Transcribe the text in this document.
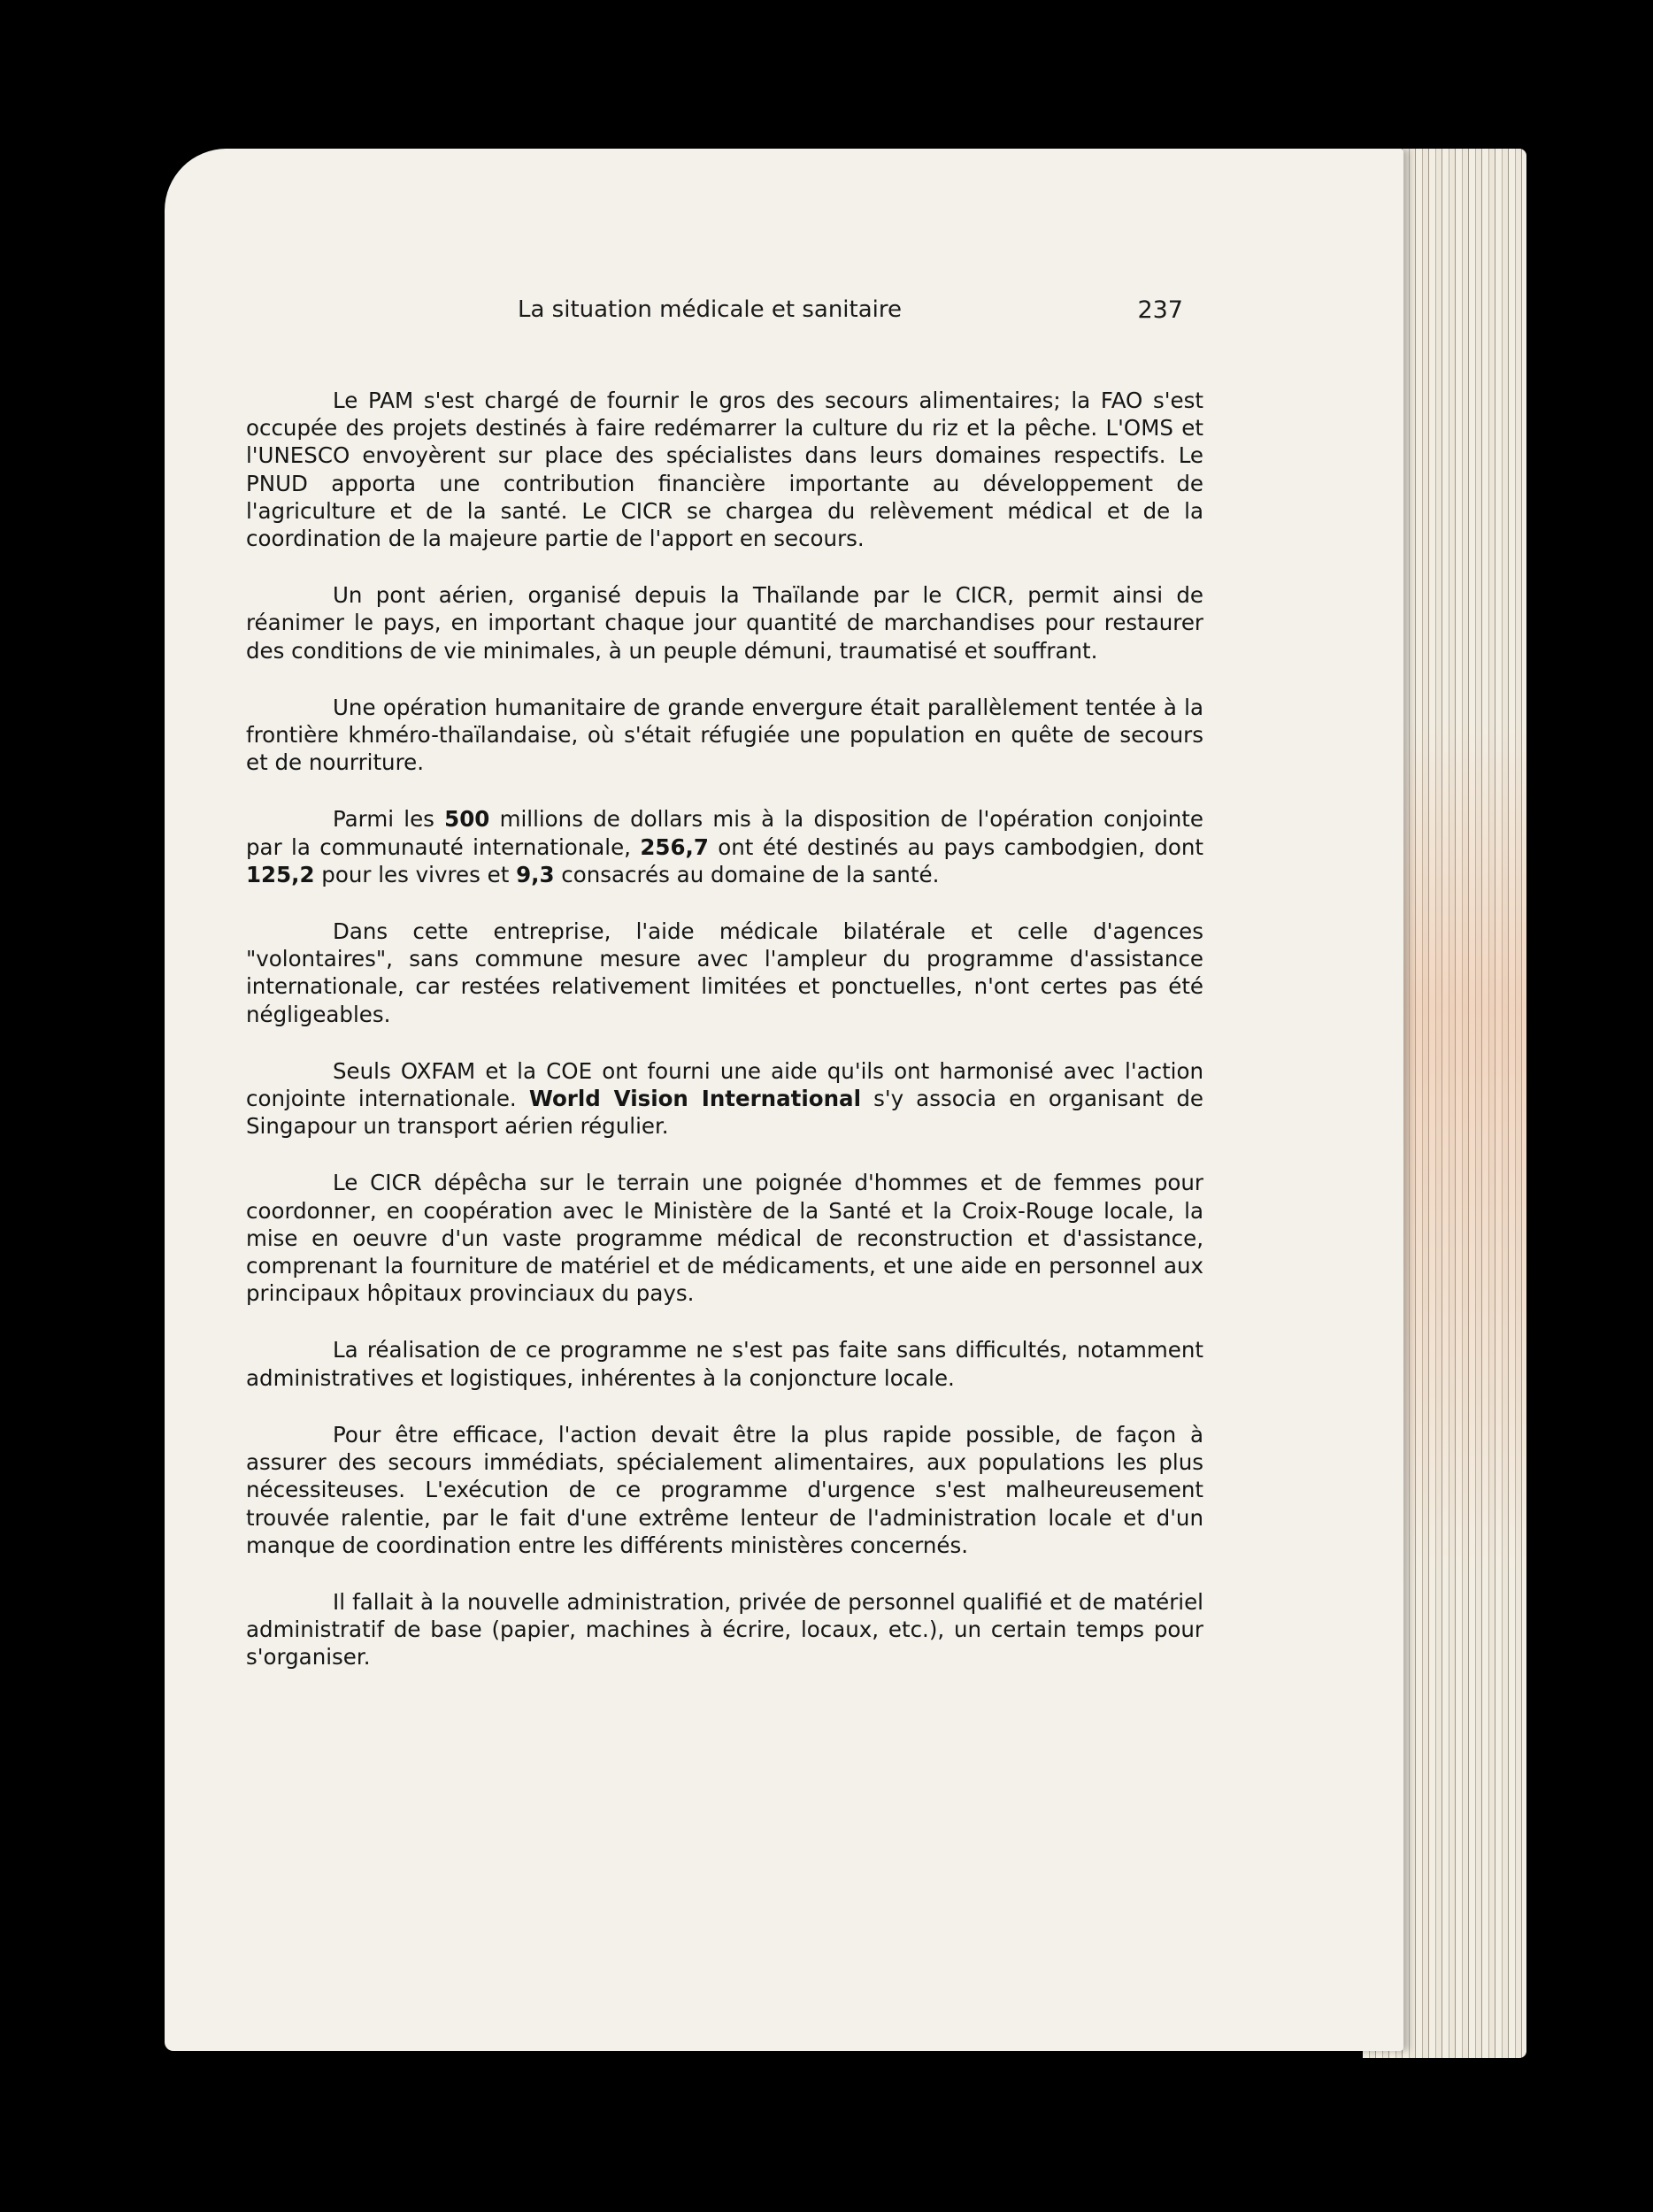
La situation médicale et sanitaire	237

Le PAM s'est chargé de fournir le gros des secours alimentaires; la FAO s'est occupée des projets destinés à faire redémarrer la culture du riz et la pêche. L'OMS et l'UNESCO envoyèrent sur place des spécialistes dans leurs domaines respectifs. Le PNUD apporta une contribution financière importante au développement de l'agriculture et de la santé. Le CICR se chargea du relèvement médical et de la coordination de la majeure partie de l'apport en secours.

Un pont aérien, organisé depuis la Thaïlande par le CICR, permit ainsi de réanimer le pays, en important chaque jour quantité de marchandises pour restaurer des conditions de vie minimales, à un peuple démuni, traumatisé et souffrant.

Une opération humanitaire de grande envergure était parallèlement tentée à la frontière khméro-thaïlandaise, où s'était réfugiée une population en quête de secours et de nourriture.

Parmi les 500 millions de dollars mis à la disposition de l'opération conjointe par la communauté internationale, 256,7 ont été destinés au pays cambodgien, dont 125,2 pour les vivres et 9,3 consacrés au domaine de la santé.

Dans cette entreprise, l'aide médicale bilatérale et celle d'agences "volontaires", sans commune mesure avec l'ampleur du programme d'assistance internationale, car restées relativement limitées et ponctuelles, n'ont certes pas été négligeables.

Seuls OXFAM et la COE ont fourni une aide qu'ils ont harmonisé avec l'action conjointe internationale. World Vision International s'y associa en organisant de Singapour un transport aérien régulier.

Le CICR dépêcha sur le terrain une poignée d'hommes et de femmes pour coordonner, en coopération avec le Ministère de la Santé et la Croix-Rouge locale, la mise en oeuvre d'un vaste programme médical de reconstruction et d'assistance, comprenant la fourniture de matériel et de médicaments, et une aide en personnel aux principaux hôpitaux provinciaux du pays.

La réalisation de ce programme ne s'est pas faite sans difficultés, notamment administratives et logistiques, inhérentes à la conjoncture locale.

Pour être efficace, l'action devait être la plus rapide possible, de façon à assurer des secours immédiats, spécialement alimentaires, aux populations les plus nécessiteuses. L'exécution de ce programme d'urgence s'est malheureusement trouvée ralentie, par le fait d'une extrême lenteur de l'administration locale et d'un manque de coordination entre les différents ministères concernés.

Il fallait à la nouvelle administration, privée de personnel qualifié et de matériel administratif de base (papier, machines à écrire, locaux, etc.), un certain temps pour s'organiser.
